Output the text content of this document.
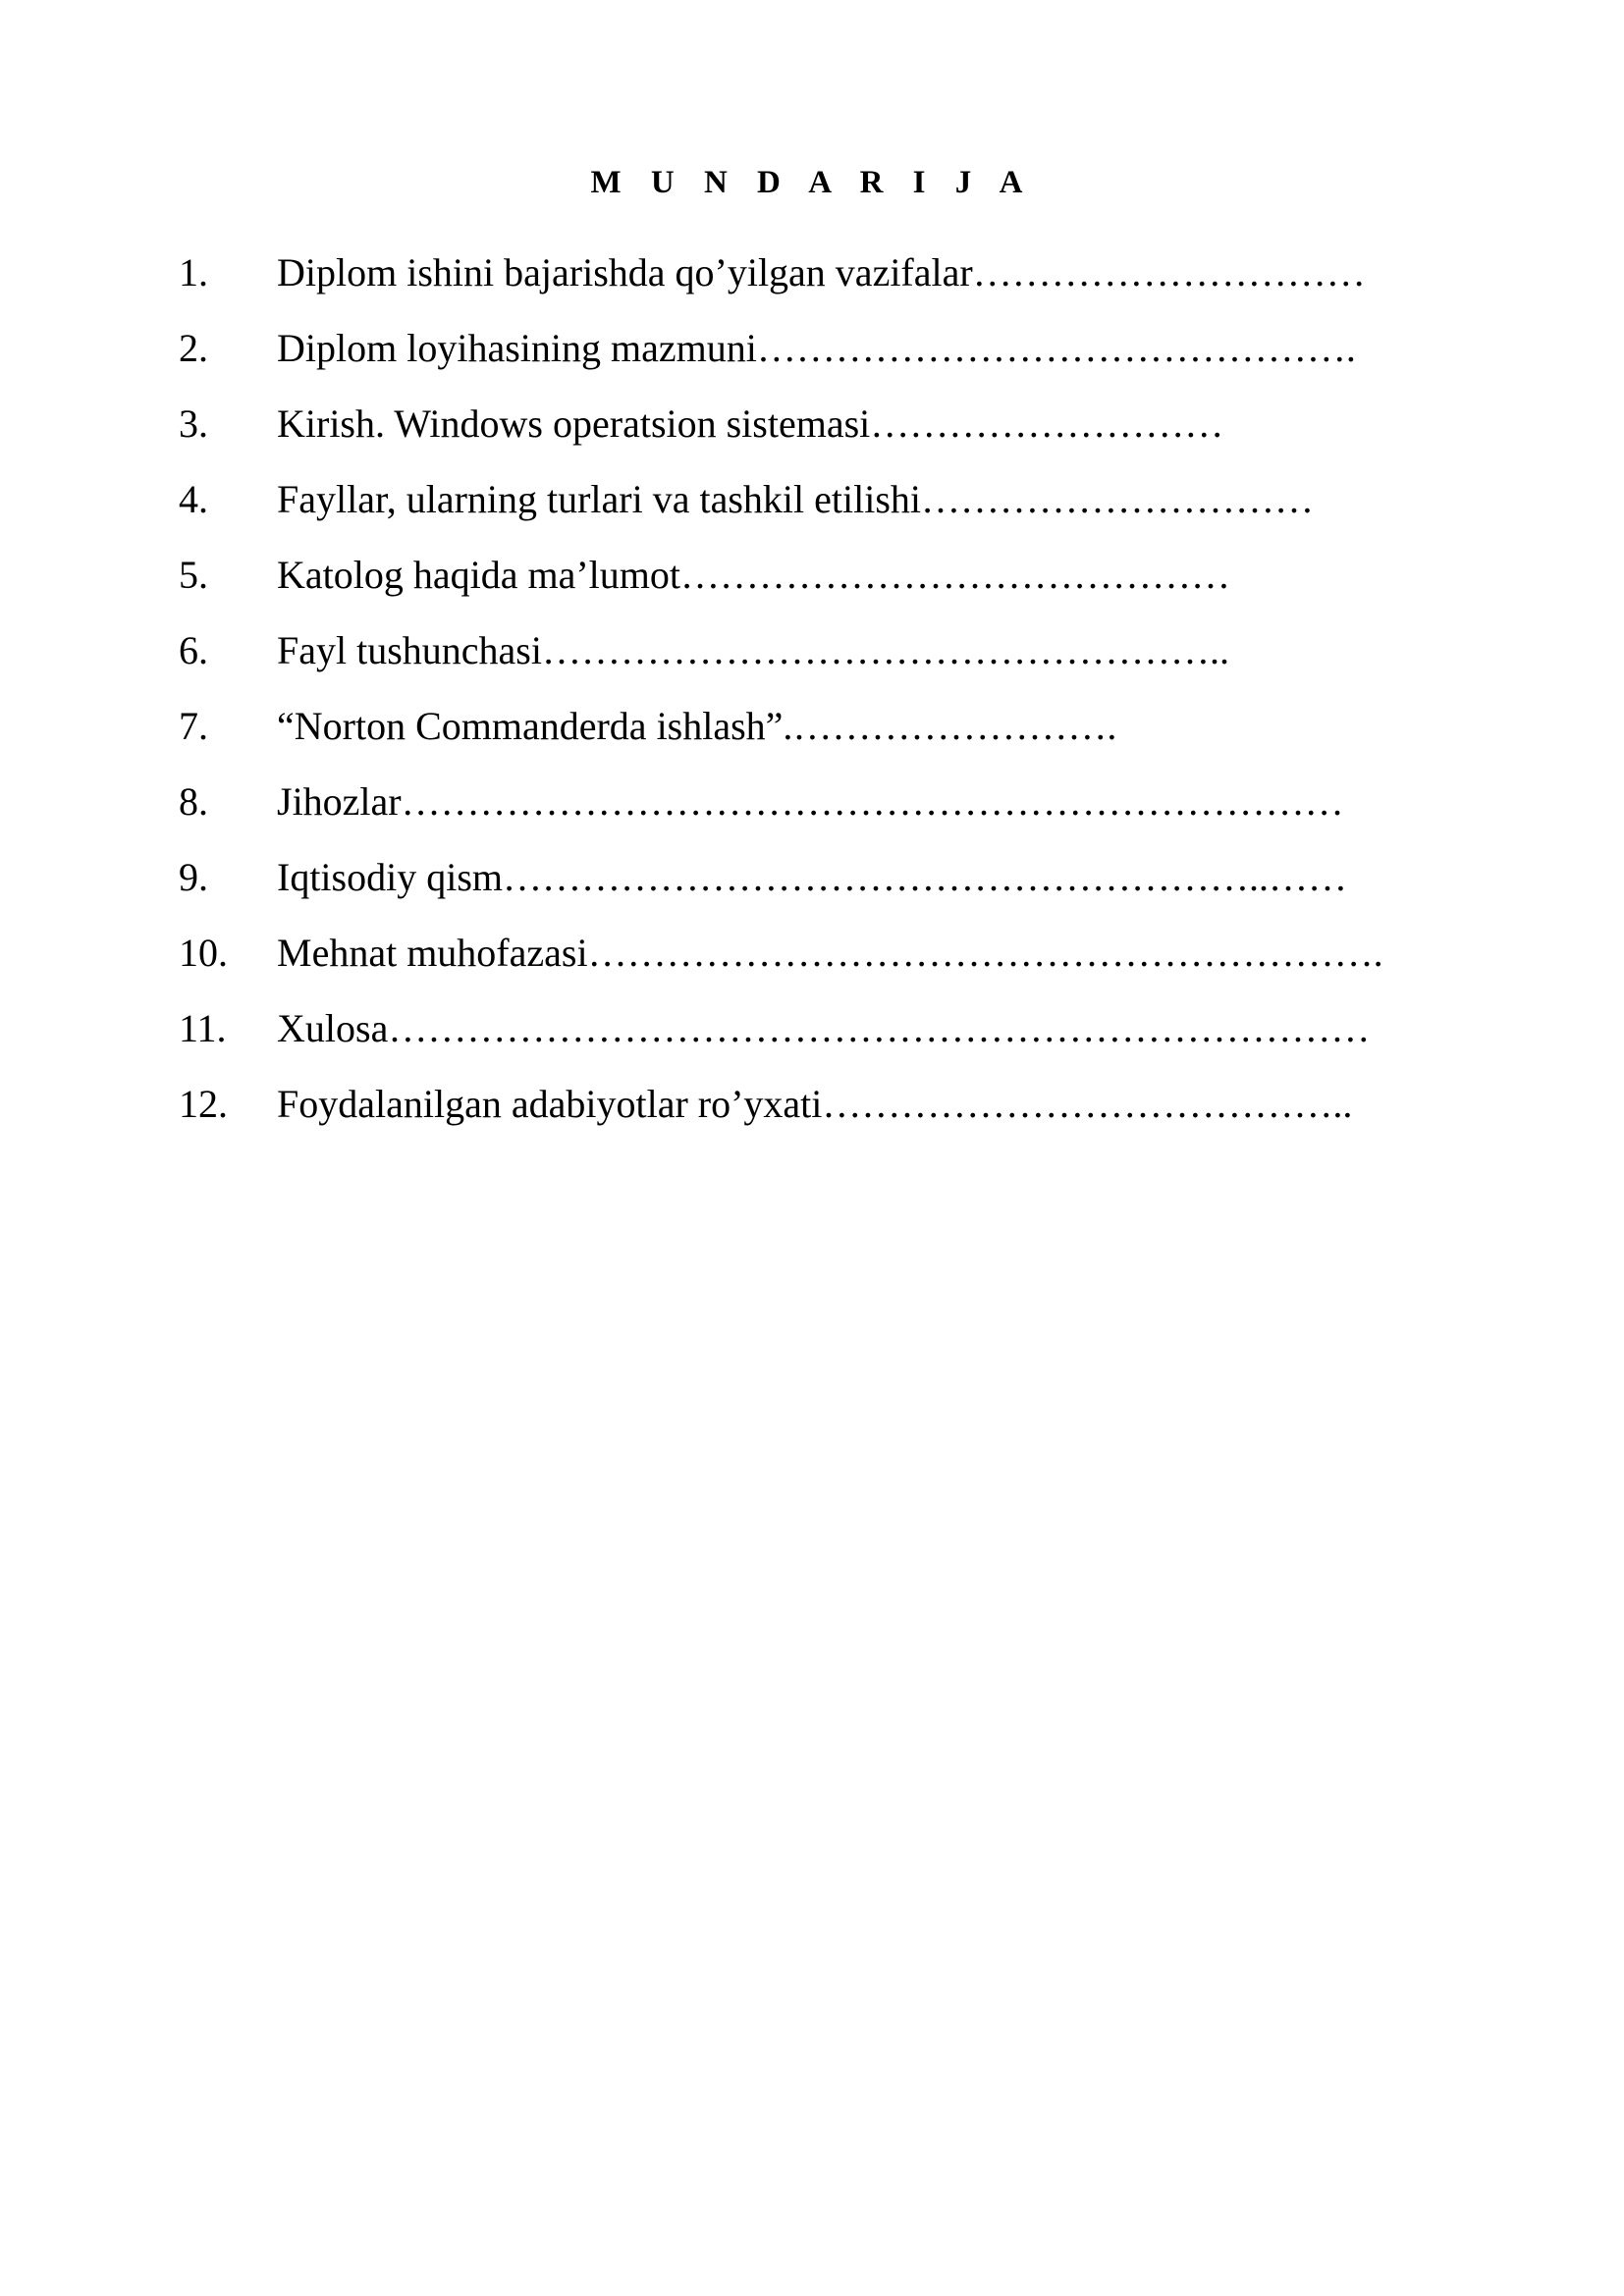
M U N D A R I J A
1. Diplom ishini bajarishda qo’yilgan vazifalar…………………………
2. Diplom loyihasining mazmuni……………………………………….
3. Kirish. Windows operatsion sistemasi………………………
4. Fayllar, ularning turlari va tashkil etilishi…………………………
5. Katolog haqida ma’lumot……………………………………
6. Fayl tushunchasi……………………………………………..
7. “Norton Commanderda ishlash”.…………………….
8. Jihozlar………………………………………………………………
9. Iqtisodiy qism…………………………………………………..……
10. Mehnat muhofazasi…………………………………………………….
11. Xulosa…………………………………………………………………
12. Foydalanilgan adabiyotlar ro’yxati…………………………………..
